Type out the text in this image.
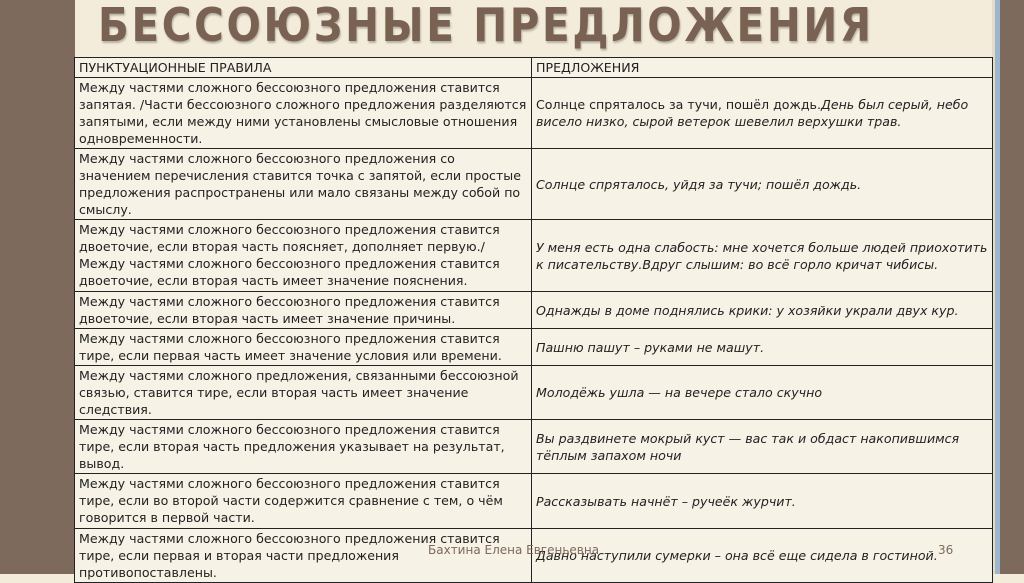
БЕССОЮЗНЫЕ ПРЕДЛОЖЕНИЯ
ПУНКТУАЦИОННЫЕ ПРАВИЛА	ПРЕДЛОЖЕНИЯ
Между частями сложного бессоюзного предложения ставится запятая. /Части бессоюзного сложного предложения разделяются запятыми, если между ними установлены смысловые отношения одновременности.	Солнце спряталось за тучи, пошёл дождь.День был серый, небо висело низко, сырой ветерок шевелил верхушки трав.
Между частями сложного бессоюзного предложения со значением перечисления ставится точка с запятой, если простые предложения распространены или мало связаны между собой по смыслу.	Солнце спряталось, уйдя за тучи; пошёл дождь.
Между частями сложного бессоюзного предложения ставится двоеточие, если вторая часть поясняет, дополняет первую./Между частями сложного бессоюзного предложения ставится двоеточие, если вторая часть имеет значение пояснения.	У меня есть одна слабость: мне хочется больше людей приохотить к писательству.Вдруг слышим: во всё горло кричат чибисы.
Между частями сложного бессоюзного предложения ставится двоеточие, если вторая часть имеет значение причины.	Однажды в доме поднялись крики: у хозяйки украли двух кур.
Между частями сложного бессоюзного предложения ставится тире, если первая часть имеет значение условия или времени.	Пашню пашут – руками не машут.
Между частями сложного предложения, связанными бессоюзной связью, ставится тире, если вторая часть имеет значение следствия.	Молодёжь ушла — на вечере стало скучно
Между частями сложного бессоюзного предложения ставится тире, если вторая часть предложения указывает на результат, вывод.	Вы раздвинете мокрый куст — вас так и обдаст накопившимся тёплым запахом ночи
Между частями сложного бессоюзного предложения ставится тире, если во второй части содержится сравнение с тем, о чём говорится в первой части.	Рассказывать начнёт – ручеёк журчит.
Между частями сложного бессоюзного предложения ставится тире, если первая и вторая части предложения противопоставлены.	Давно наступили сумерки – она всё еще сидела в гостиной.
Бахтина Елена Евгеньевна	36
